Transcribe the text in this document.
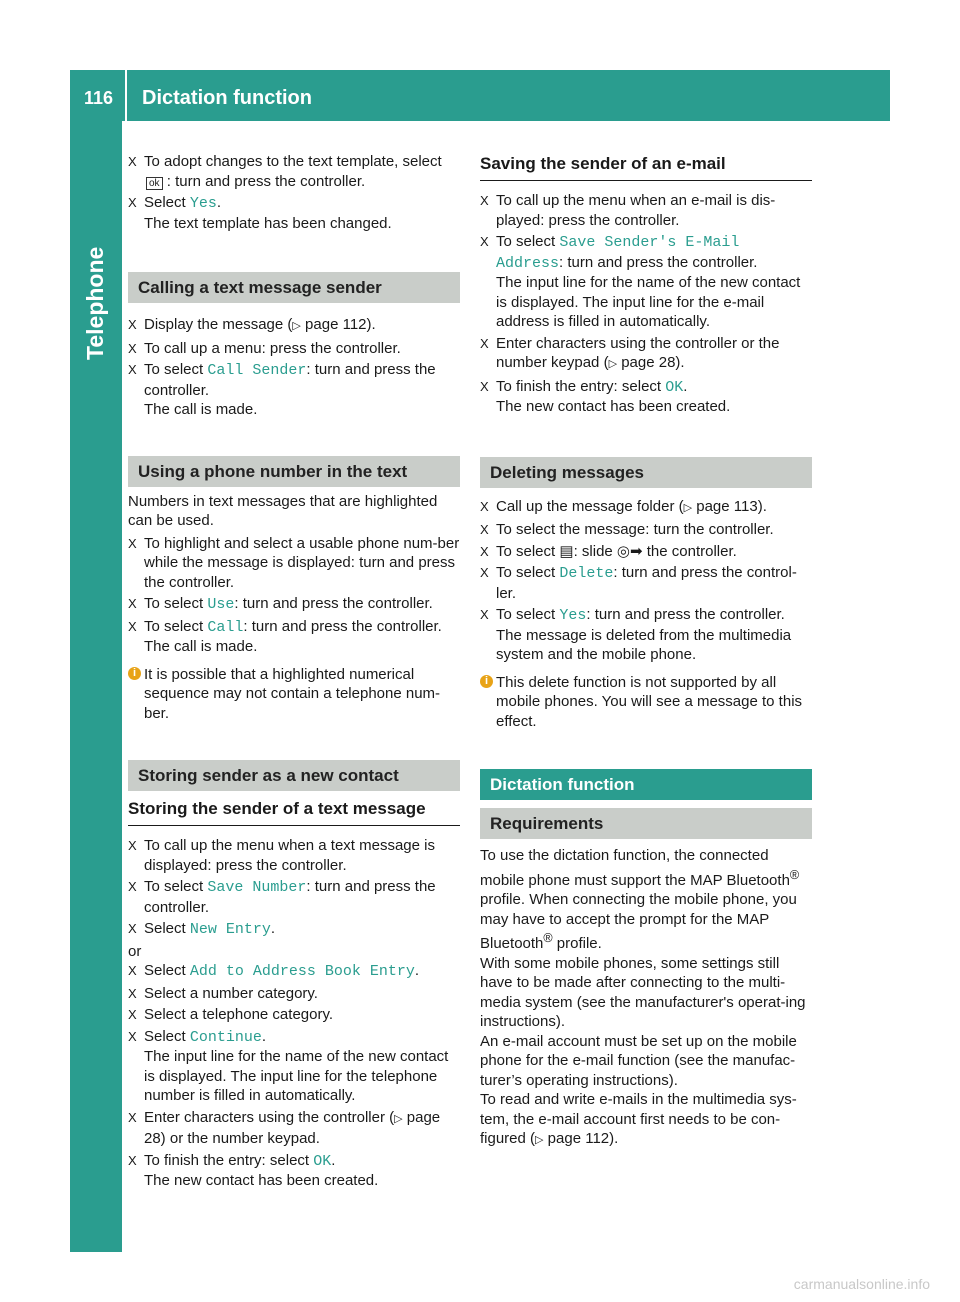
116 Dictation function
Telephone
X To adopt changes to the text template, select
ok : turn and press the controller.
X Select Yes.
The text template has been changed.
Calling a text message sender
X Display the message (▷ page 112).
X To call up a menu: press the controller.
X To select Call Sender: turn and press the controller.
The call is made.
Using a phone number in the text

Numbers in text messages that are highlighted can be used.

X To highlight and select a usable phone num-ber while the message is displayed: turn and press the controller.
X To select Use: turn and press the controller.
X To select Call: turn and press the controller.
The call is made.
i It is possible that a highlighted numerical sequence may not contain a telephone num-ber.
Storing sender as a new contact
Storing the sender of a text message
X To call up the menu when a text message is displayed: press the controller.
X To select Save Number: turn and press the controller.
X Select New Entry.

or

X Select Add to Address Book Entry.
X Select a number category.
X Select a telephone category.
X Select Continue.
The input line for the name of the new contact is displayed. The input line for the telephone number is filled in automatically.
X Enter characters using the controller (▷ page 28) or the number keypad.
X To finish the entry: select OK.
The new contact has been created.
Saving the sender of an e-mail
X To call up the menu when an e-mail is dis-played: press the controller.
X To select Save Sender's E-Mail Address: turn and press the controller.
The input line for the name of the new contact is displayed. The input line for the e-mail address is filled in automatically.
X Enter characters using the controller or the number keypad (▷ page 28).
X To finish the entry: select OK.
The new contact has been created.
Deleting messages
X Call up the message folder (▷ page 113).
X To select the message: turn the controller.
X To select ▤: slide ◎➡ the controller.
X To select Delete: turn and press the control-ler.
X To select Yes: turn and press the controller.
The message is deleted from the multimedia system and the mobile phone.
i This delete function is not supported by all mobile phones. You will see a message to this effect.
Dictation function
Requirements

To use the dictation function, the connected mobile phone must support the MAP Bluetooth® profile. When connecting the mobile phone, you may have to accept the prompt for the MAP Bluetooth® profile.

With some mobile phones, some settings still have to be made after connecting to the multi-media system (see the manufacturer's operat-ing instructions).

An e-mail account must be set up on the mobile phone for the e-mail function (see the manufac-turer’s operating instructions).

To read and write e-mails in the multimedia sys-tem, the e-mail account first needs to be con-figured (▷ page 112).

carmanualsonline.info
